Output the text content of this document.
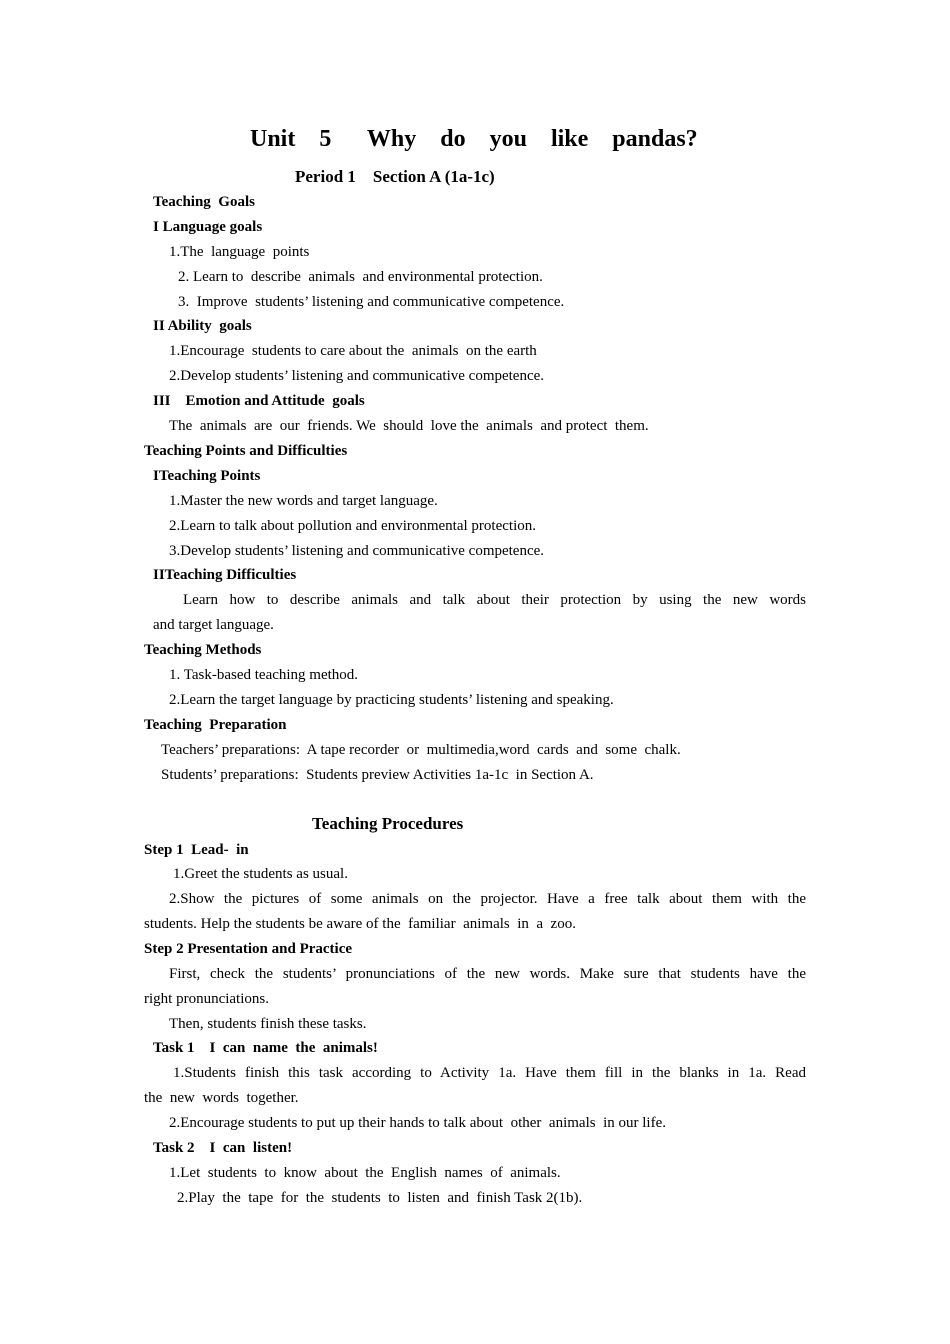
Unit  5   Why  do  you  like  pandas?
Period 1    Section A (1a-1c)
Teaching  Goals
I Language goals
1.The  language  points
2. Learn to  describe  animals  and environmental protection.
3.  Improve  students’ listening and communicative competence.
II Ability  goals
1.Encourage  students to care about the  animals  on the earth
2.Develop students’ listening and communicative competence.
III    Emotion and Attitude  goals
The  animals  are  our  friends. We  should  love the  animals  and protect  them.
Teaching Points and Difficulties
ITeaching Points
1.Master the new words and target language.
2.Learn to talk about pollution and environmental protection.
3.Develop students’ listening and communicative competence.
IITeaching Difficulties
Learn how to describe animals and talk about their protection by using the new words
and target language.
Teaching Methods
1. Task-based teaching method.
2.Learn the target language by practicing students’ listening and speaking.
Teaching  Preparation
Teachers’ preparations:  A tape recorder  or  multimedia,word  cards  and  some  chalk.
Students’ preparations:  Students preview Activities 1a-1c  in Section A.
Teaching Procedures
Step 1  Lead-  in
1.Greet the students as usual.
2.Show the pictures of some animals on the projector. Have a free talk about them with the
students. Help the students be aware of the  familiar  animals  in  a  zoo.
Step 2 Presentation and Practice
First, check the students’ pronunciations of the new words. Make sure that students have the
right pronunciations.
Then, students finish these tasks.
Task 1    I  can  name  the  animals!
1.Students finish this task according to Activity 1a. Have them fill in the blanks in 1a. Read
the  new  words  together.
2.Encourage students to put up their hands to talk about  other  animals  in our life.
Task 2    I  can  listen!
1.Let  students  to  know  about  the  English  names  of  animals.
2.Play  the  tape  for  the  students  to  listen  and  finish Task 2(1b).
